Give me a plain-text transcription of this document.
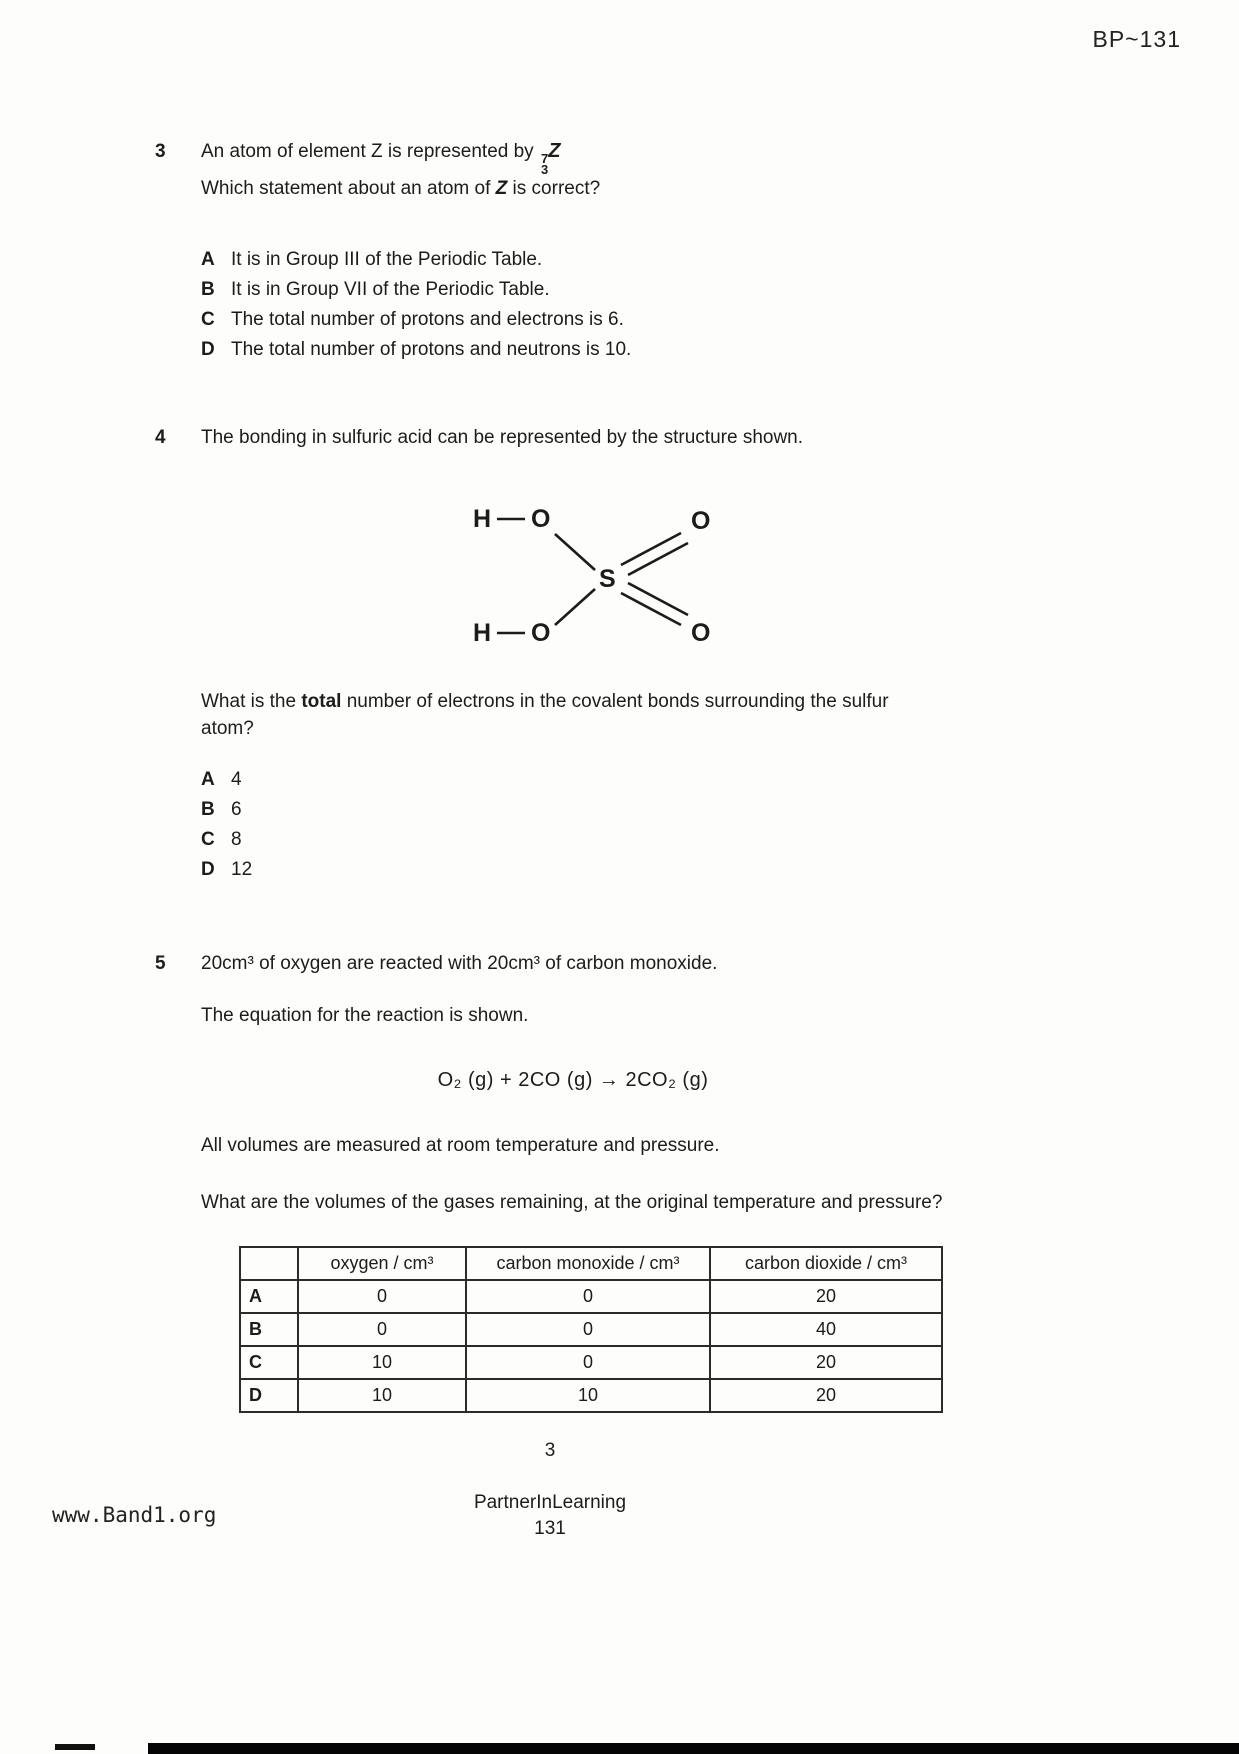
BP~131
3	An atom of element Z is represented by 7
3
Z
Which statement about an atom of Z is correct?
A It is in Group III of the Periodic Table.
B It is in Group VII of the Periodic Table.
C The total number of protons and electrons is 6.
D The total number of protons and neutrons is 10.
4	The bonding in sulfuric acid can be represented by the structure shown.
H O
S
O
H O	O
What is the total number of electrons in the covalent bonds surrounding the sulfur atom?
A 4
B 6
C 8
D 12
5	20cm³ of oxygen are reacted with 20cm³ of carbon monoxide.
The equation for the reaction is shown.
O₂ (g) + 2CO (g) → 2CO₂ (g)
All volumes are measured at room temperature and pressure.
What are the volumes of the gases remaining, at the original temperature and pressure?
	oxygen / cm³	carbon monoxide / cm³	carbon dioxide / cm³
A	0	0	20
B	0	0	40
C	10	0	20
D	10	10	20
3
PartnerInLearning
131
www.Band1.org
